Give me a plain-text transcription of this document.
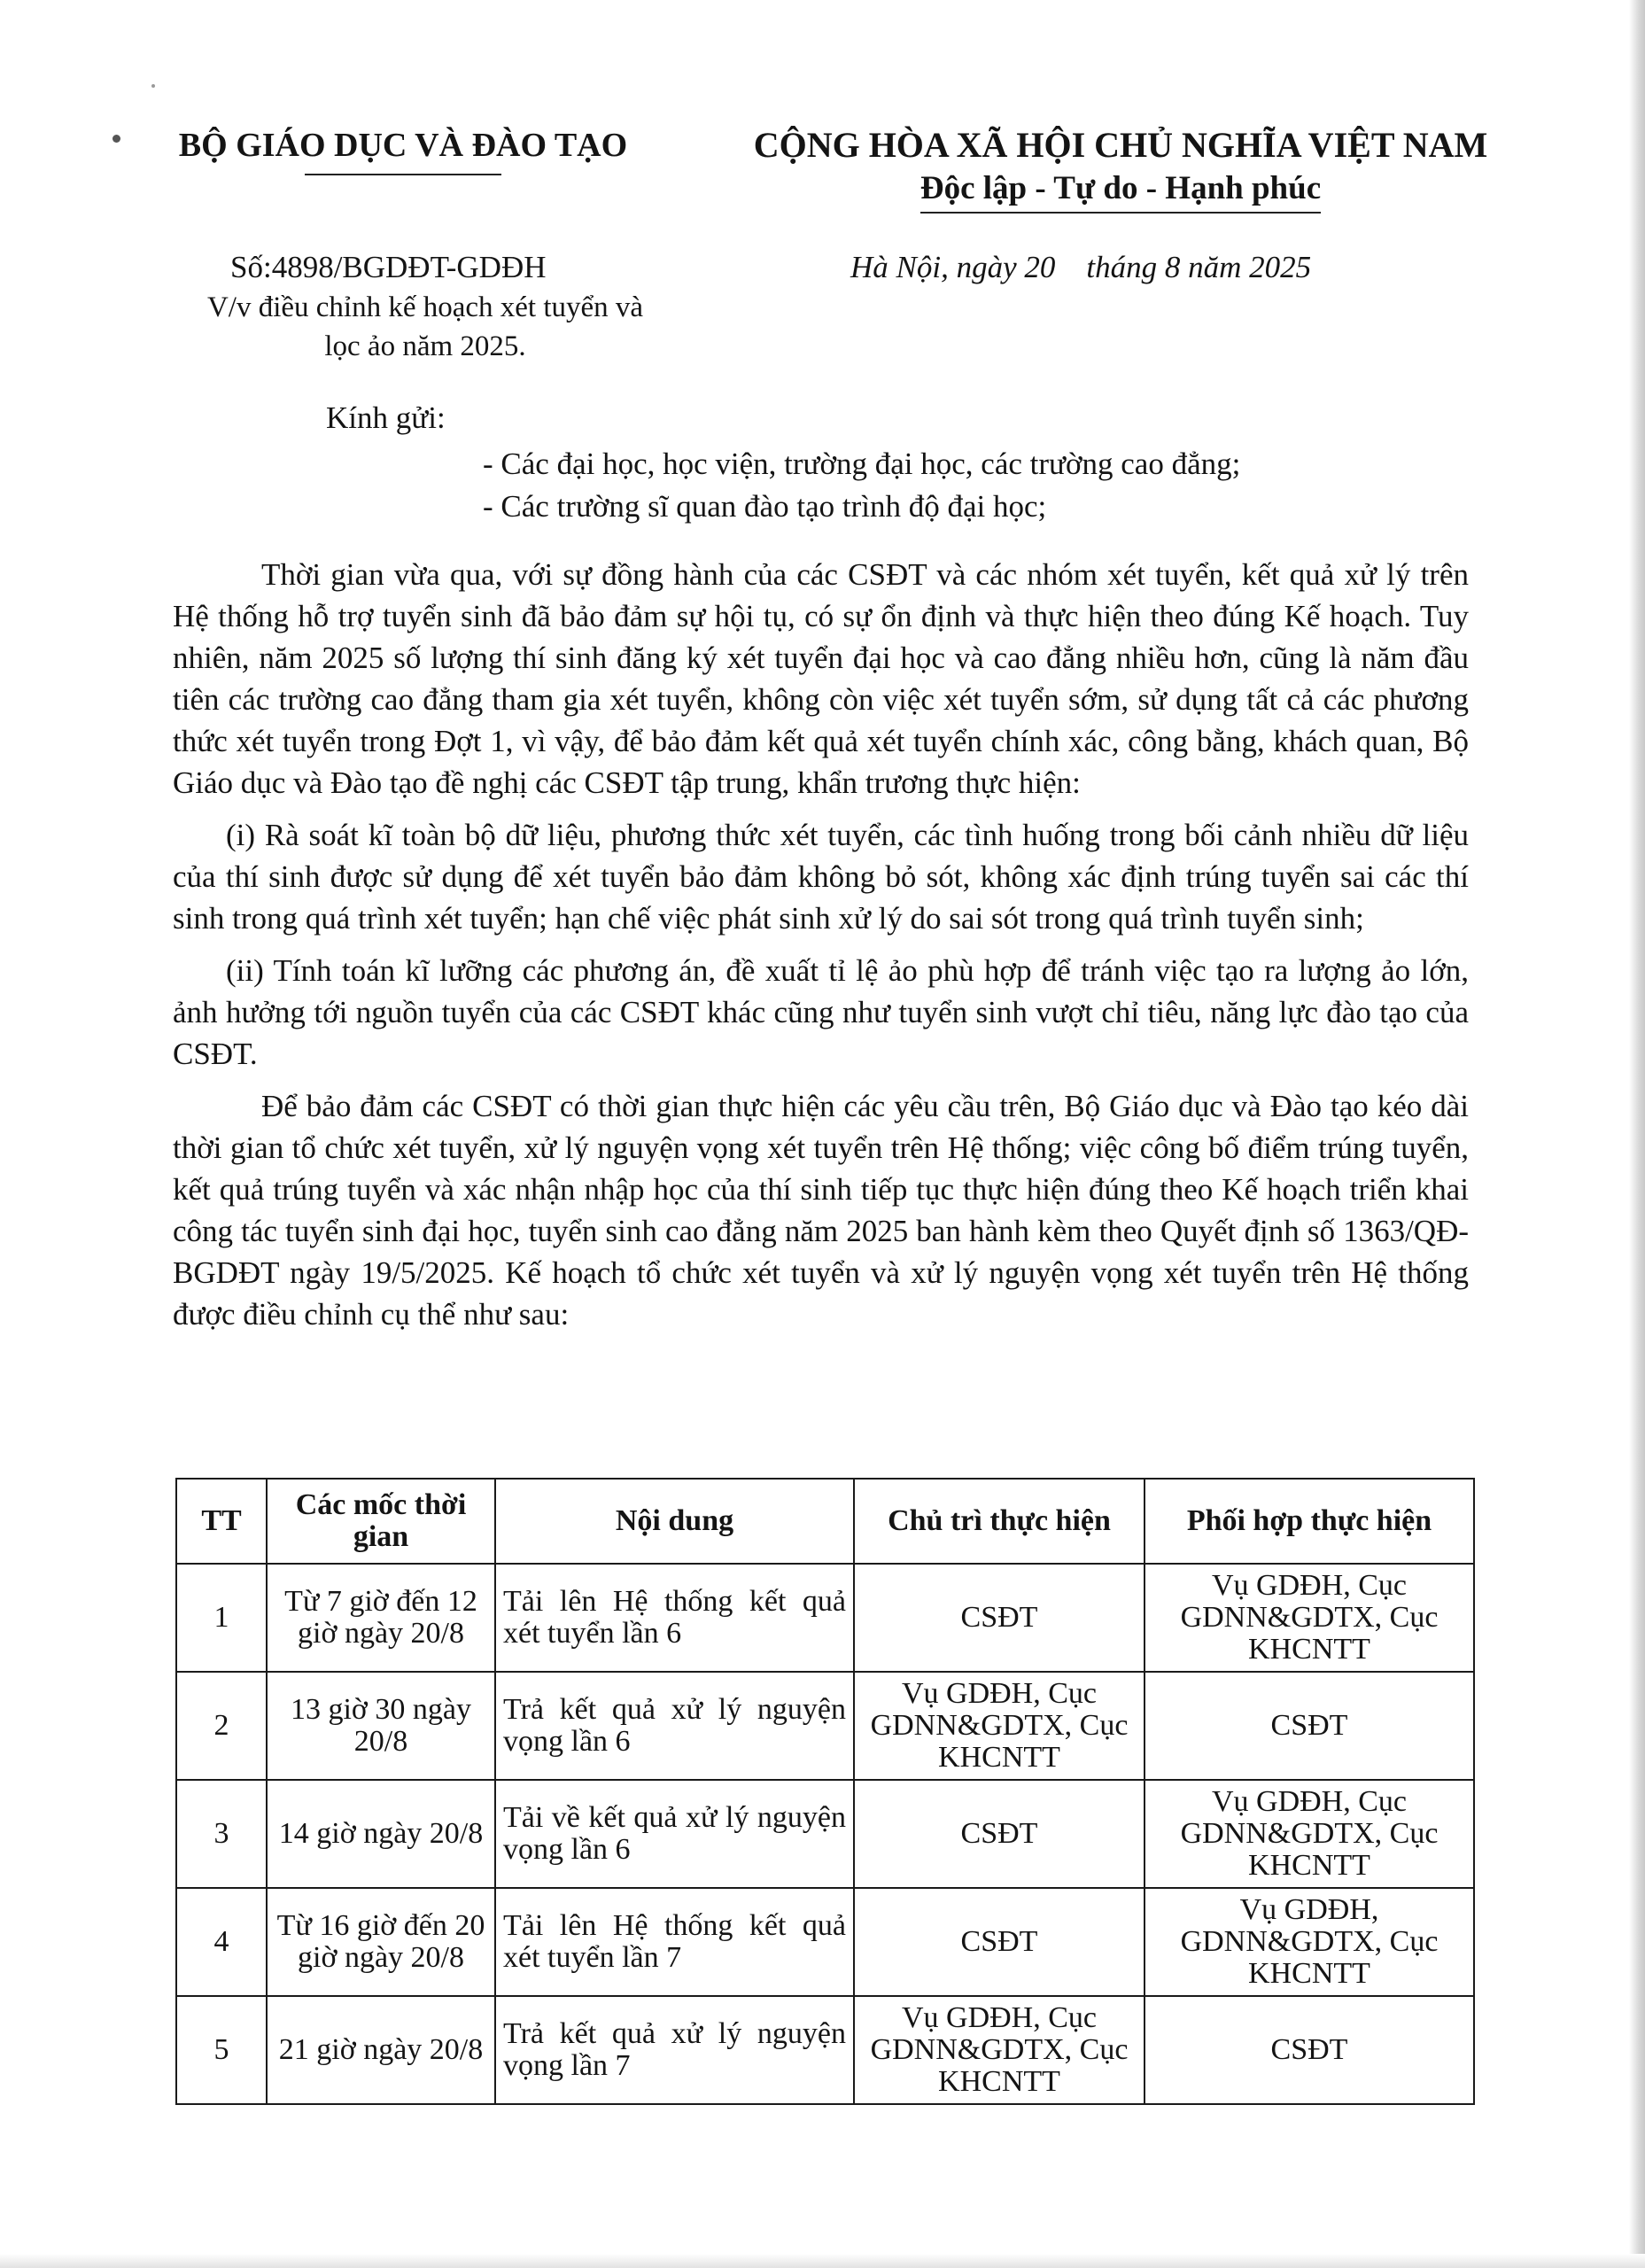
BỘ GIÁO DỤC VÀ ĐÀO TẠO	CỘNG HÒA XÃ HỘI CHỦ NGHĨA VIỆT NAM
Độc lập - Tự do - Hạnh phúc
Số:4898/BGDĐT-GDĐH
V/v điều chỉnh kế hoạch xét tuyển và
lọc ảo năm 2025.
Hà Nội, ngày 20    tháng 8 năm 2025
Kính gửi:
- Các đại học, học viện, trường đại học, các trường cao đẳng;
- Các trường sĩ quan đào tạo trình độ đại học;

Thời gian vừa qua, với sự đồng hành của các CSĐT và các nhóm xét tuyển, kết quả xử lý trên Hệ thống hỗ trợ tuyển sinh đã bảo đảm sự hội tụ, có sự ổn định và thực hiện theo đúng Kế hoạch. Tuy nhiên, năm 2025 số lượng thí sinh đăng ký xét tuyển đại học và cao đẳng nhiều hơn, cũng là năm đầu tiên các trường cao đẳng tham gia xét tuyển, không còn việc xét tuyển sớm, sử dụng tất cả các phương thức xét tuyển trong Đợt 1, vì vậy, để bảo đảm kết quả xét tuyển chính xác, công bằng, khách quan, Bộ Giáo dục và Đào tạo đề nghị các CSĐT tập trung, khẩn trương thực hiện:

(i) Rà soát kĩ toàn bộ dữ liệu, phương thức xét tuyển, các tình huống trong bối cảnh nhiều dữ liệu của thí sinh được sử dụng để xét tuyển bảo đảm không bỏ sót, không xác định trúng tuyển sai các thí sinh trong quá trình xét tuyển; hạn chế việc phát sinh xử lý do sai sót trong quá trình tuyển sinh;

(ii) Tính toán kĩ lưỡng các phương án, đề xuất tỉ lệ ảo phù hợp để tránh việc tạo ra lượng ảo lớn, ảnh hưởng tới nguồn tuyển của các CSĐT khác cũng như tuyển sinh vượt chỉ tiêu, năng lực đào tạo của CSĐT.

Để bảo đảm các CSĐT có thời gian thực hiện các yêu cầu trên, Bộ Giáo dục và Đào tạo kéo dài thời gian tổ chức xét tuyển, xử lý nguyện vọng xét tuyển trên Hệ thống; việc công bố điểm trúng tuyển, kết quả trúng tuyển và xác nhận nhập học của thí sinh tiếp tục thực hiện đúng theo Kế hoạch triển khai công tác tuyển sinh đại học, tuyển sinh cao đẳng năm 2025 ban hành kèm theo Quyết định số 1363/QĐ-BGDĐT ngày 19/5/2025. Kế hoạch tổ chức xét tuyển và xử lý nguyện vọng xét tuyển trên Hệ thống được điều chỉnh cụ thể như sau:

TT	Các mốc thời gian	Nội dung	Chủ trì thực hiện	Phối hợp thực hiện
1	Từ 7 giờ đến 12 giờ ngày 20/8	Tải lên Hệ thống kết quả xét tuyển lần 6	CSĐT	Vụ GDĐH, Cục GDNN&GDTX, Cục KHCNTT
2	13 giờ 30 ngày 20/8	Trả kết quả xử lý nguyện vọng lần 6	Vụ GDĐH, Cục GDNN&GDTX, Cục KHCNTT	CSĐT
3	14 giờ ngày 20/8	Tải về kết quả xử lý nguyện vọng lần 6	CSĐT	Vụ GDĐH, Cục GDNN&GDTX, Cục KHCNTT
4	Từ 16 giờ đến 20 giờ ngày 20/8	Tải lên Hệ thống kết quả xét tuyển lần 7	CSĐT	Vụ GDĐH, GDNN&GDTX, Cục KHCNTT
5	21 giờ ngày 20/8	Trả kết quả xử lý nguyện vọng lần 7	Vụ GDĐH, Cục GDNN&GDTX, Cục KHCNTT	CSĐT
